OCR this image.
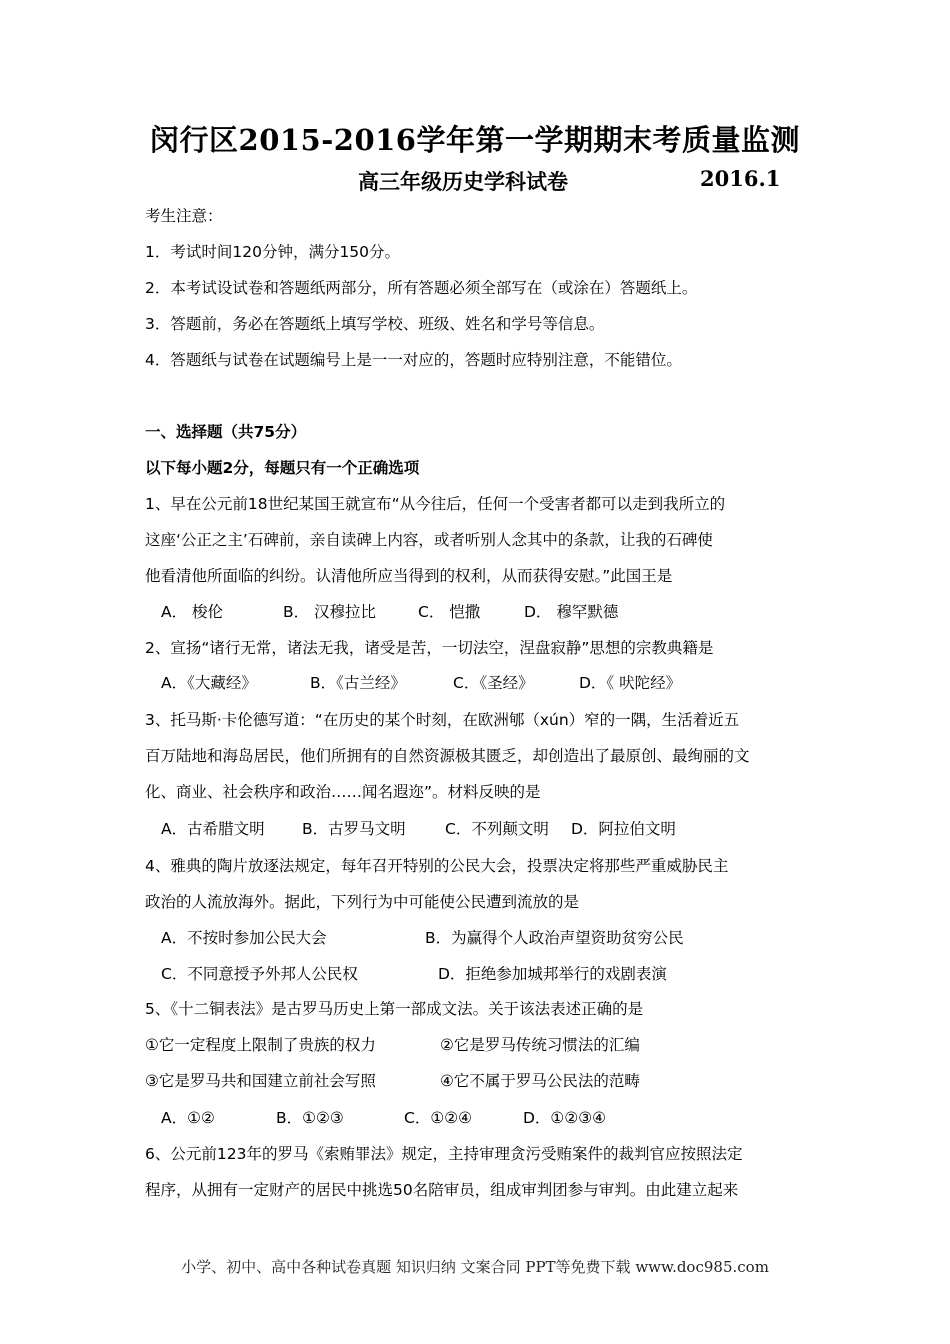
闵行区2015-2016学年第一学期期末考质量监测
高三年级历史学科试卷	2016.1
考生注意：
1．考试时间120分钟，满分150分。
2．本考试设试卷和答题纸两部分，所有答题必须全部写在（或涂在）答题纸上。
3．答题前，务必在答题纸上填写学校、班级、姓名和学号等信息。
4．答题纸与试卷在试题编号上是一一对应的，答题时应特别注意，不能错位。
一、选择题（共75分）
以下每小题2分，每题只有一个正确选项
1、早在公元前18世纪某国王就宣布“从今往后，任何一个受害者都可以走到我所立的
这座‘公正之主’石碑前，亲自读碑上内容，或者听别人念其中的条款，让我的石碑使
他看清他所面临的纠纷。认清他所应当得到的权利，从而获得安慰。”此国王是
A． 梭伦	B． 汉穆拉比	C． 恺撒	D． 穆罕默德
2、宣扬“诸行无常，诸法无我，诸受是苦，一切法空，涅盘寂静”思想的宗教典籍是
A．《大藏经》	B．《古兰经》	C．《圣经》	D．《 吠陀经》
3、托马斯·卡伦德写道：“在历史的某个时刻，在欧洲郇（xún）窄的一隅，生活着近五
百万陆地和海岛居民，他们所拥有的自然资源极其匮乏，却创造出了最原创、最绚丽的文
化、商业、社会秩序和政治……闻名遐迩”。材料反映的是
A．古希腊文明 B．古罗马文明	C．不列颠文明 D．阿拉伯文明
4、雅典的陶片放逐法规定，每年召开特别的公民大会，投票决定将那些严重威胁民主
政治的人流放海外。据此，下列行为中可能使公民遭到流放的是
A．不按时参加公民大会	B．为赢得个人政治声望资助贫穷公民
C．不同意授予外邦人公民权	D．拒绝参加城邦举行的戏剧表演
5、《十二铜表法》是古罗马历史上第一部成文法。关于该法表述正确的是
①它一定程度上限制了贵族的权力	②它是罗马传统习惯法的汇编
③它是罗马共和国建立前社会写照	④它不属于罗马公民法的范畴
A．①②	B．①②③	C．①②④	D．①②③④
6、公元前123年的罗马《索贿罪法》规定，主持审理贪污受贿案件的裁判官应按照法定
程序，从拥有一定财产的居民中挑选50名陪审员，组成审判团参与审判。由此建立起来
小学、初中、高中各种试卷真题 知识归纳 文案合同 PPT等免费下载 www.doc985.com
